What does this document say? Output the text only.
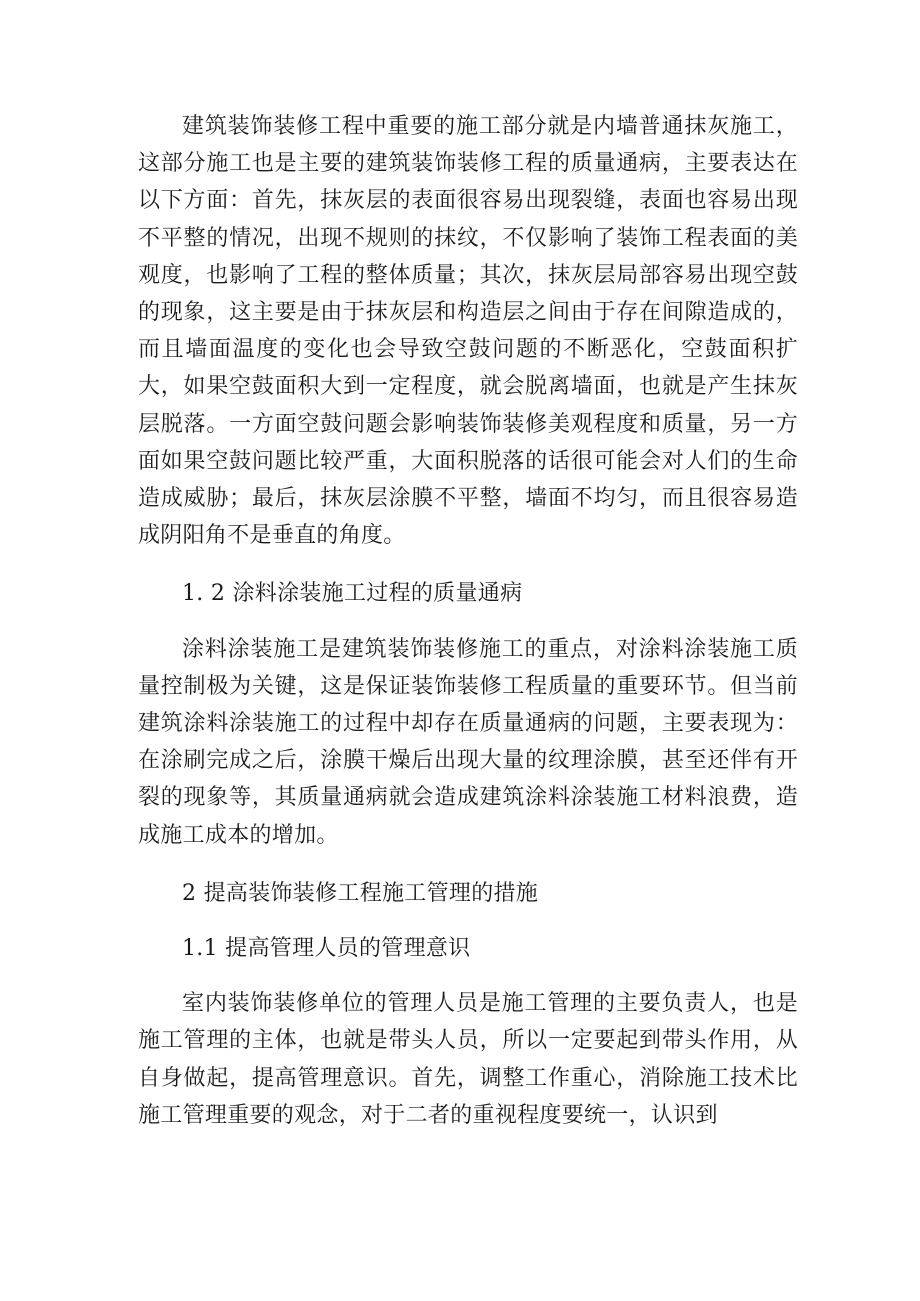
建筑装饰装修工程中重要的施工部分就是内墙普通抹灰施工，这部分施工也是主要的建筑装饰装修工程的质量通病，主要表达在以下方面：首先，抹灰层的表面很容易出现裂缝，表面也容易出现不平整的情况，出现不规则的抹纹，不仅影响了装饰工程表面的美观度，也影响了工程的整体质量；其次，抹灰层局部容易出现空鼓的现象，这主要是由于抹灰层和构造层之间由于存在间隙造成的，而且墙面温度的变化也会导致空鼓问题的不断恶化，空鼓面积扩大，如果空鼓面积大到一定程度，就会脱离墙面，也就是产生抹灰层脱落。一方面空鼓问题会影响装饰装修美观程度和质量，另一方面如果空鼓问题比较严重，大面积脱落的话很可能会对人们的生命造成威胁；最后，抹灰层涂膜不平整，墙面不均匀，而且很容易造成阴阳角不是垂直的角度。

1. 2 涂料涂装施工过程的质量通病

涂料涂装施工是建筑装饰装修施工的重点，对涂料涂装施工质量控制极为关键，这是保证装饰装修工程质量的重要环节。但当前建筑涂料涂装施工的过程中却存在质量通病的问题，主要表现为：在涂刷完成之后，涂膜干燥后出现大量的纹理涂膜，甚至还伴有开裂的现象等，其质量通病就会造成建筑涂料涂装施工材料浪费，造成施工成本的增加。

2 提高装饰装修工程施工管理的措施

1.1 提高管理人员的管理意识

室内装饰装修单位的管理人员是施工管理的主要负责人，也是施工管理的主体，也就是带头人员，所以一定要起到带头作用，从自身做起，提高管理意识。首先，调整工作重心，消除施工技术比施工管理重要的观念，对于二者的重视程度要统一，认识到
